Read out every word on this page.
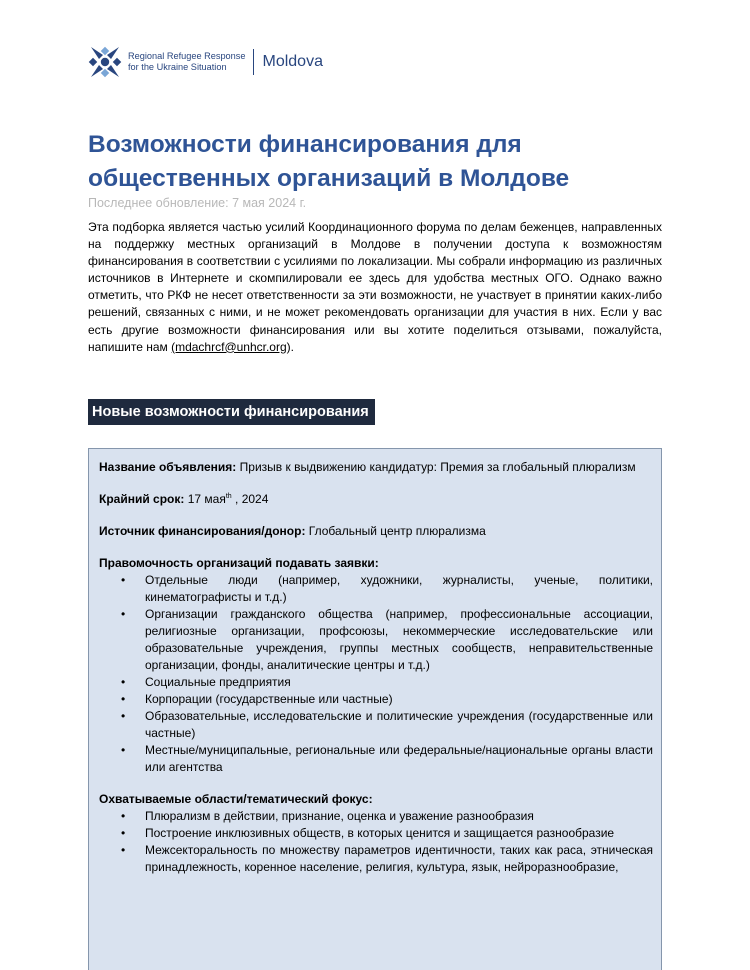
Regional Refugee Response
for the Ukraine Situation	Moldova
Возможности финансирования для общественных организаций в Молдове
Последнее обновление: 7 мая 2024 г.

Эта подборка является частью усилий Координационного форума по делам беженцев, направленных на поддержку местных организаций в Молдове в получении доступа к возможностям финансирования в соответствии с усилиями по локализации. Мы собрали информацию из различных источников в Интернете и скомпилировали ее здесь для удобства местных ОГО. Однако важно отметить, что РКФ не несет ответственности за эти возможности, не участвует в принятии каких-либо решений, связанных с ними, и не может рекомендовать организации для участия в них. Если у вас есть другие возможности финансирования или вы хотите поделиться отзывами, пожалуйста, напишите нам (mdachrcf@unhcr.org).

Новые возможности финансирования

Название объявления: Призыв к выдвижению кандидатур: Премия за глобальный плюрализм

Крайний срок: 17 мая$^{th}$ , 2024

Источник финансирования/донор: Глобальный центр плюрализма

Правомочность организаций подавать заявки:

• Отдельные люди (например, художники, журналисты, ученые, политики, кинематографисты и т.д.)
• Организации гражданского общества (например, профессиональные ассоциации, религиозные организации, профсоюзы, некоммерческие исследовательские или образовательные учреждения, группы местных сообществ, неправительственные организации, фонды, аналитические центры и т.д.)
• Социальные предприятия
• Корпорации (государственные или частные)
• Образовательные, исследовательские и политические учреждения (государственные или частные)
• Местные/муниципальные, региональные или федеральные/национальные органы власти или агентства

Охватываемые области/тематический фокус:

• Плюрализм в действии, признание, оценка и уважение разнообразия
• Построение инклюзивных обществ, в которых ценится и защищается разнообразие
• Межсекторальность по множеству параметров идентичности, таких как раса, этническая принадлежность, коренное население, религия, культура, язык, нейроразнообразие,
